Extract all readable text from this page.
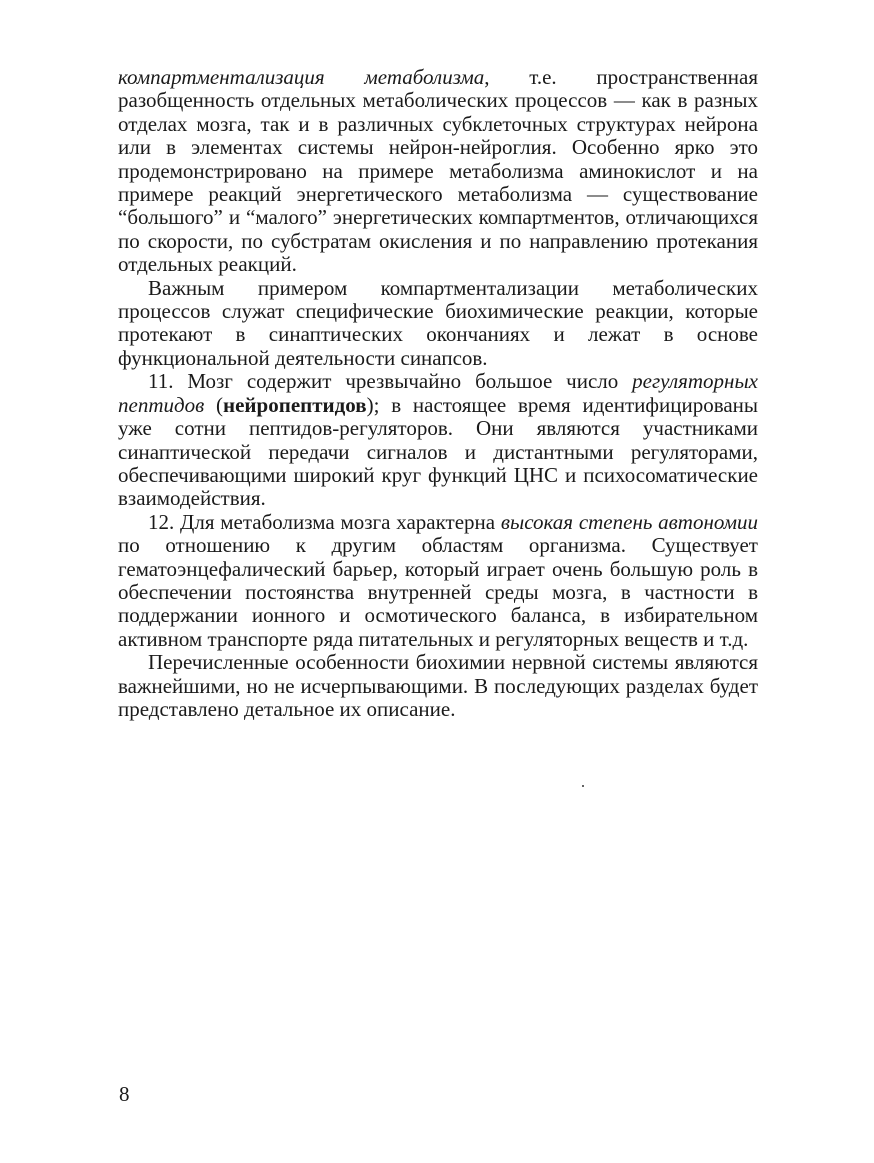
компартментализация метаболизма, т.е. пространственная разобщенность отдельных метаболических процессов — как в разных отделах мозга, так и в различных субклеточных структурах нейрона или в элементах системы нейрон-нейроглия. Особенно ярко это продемонстрировано на примере метаболизма аминокислот и на примере реакций энергетического метаболизма — существование “большого” и “малого” энергетических компартментов, отличающихся по скорости, по субстратам окисления и по направлению протекания отдельных реакций.

Важным примером компартментализации метаболических процессов служат специфические биохимические реакции, которые протекают в синаптических окончаниях и лежат в основе функциональной деятельности синапсов.

11. Мозг содержит чрезвычайно большое число регуляторных пептидов (нейропептидов); в настоящее время идентифицированы уже сотни пептидов-регуляторов. Они являются участниками синаптической передачи сигналов и дистантными регуляторами, обеспечивающими широкий круг функций ЦНС и психосоматические взаимодействия.

12. Для метаболизма мозга характерна высокая степень автономии по отношению к другим областям организма. Существует гематоэнцефалический барьер, который играет очень большую роль в обеспечении постоянства внутренней среды мозга, в частности в поддержании ионного и осмотического баланса, в избирательном активном транспорте ряда питательных и регуляторных веществ и т.д.

Перечисленные особенности биохимии нервной системы являются важнейшими, но не исчерпывающими. В последующих разделах будет представлено детальное их описание.

8
